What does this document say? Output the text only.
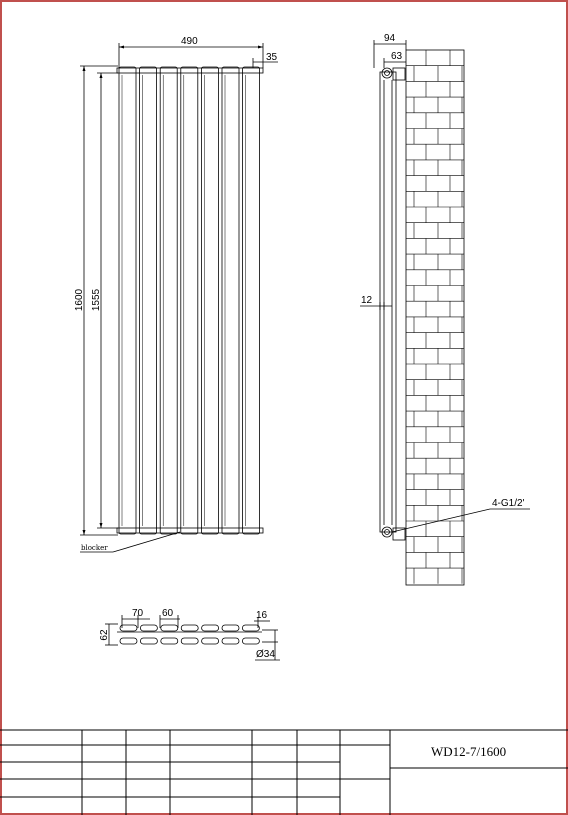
490
35
1600 1555
blocker
94
63
12
4-G1/2'
70 60	16
62
Ø34
WD12-7/1600
